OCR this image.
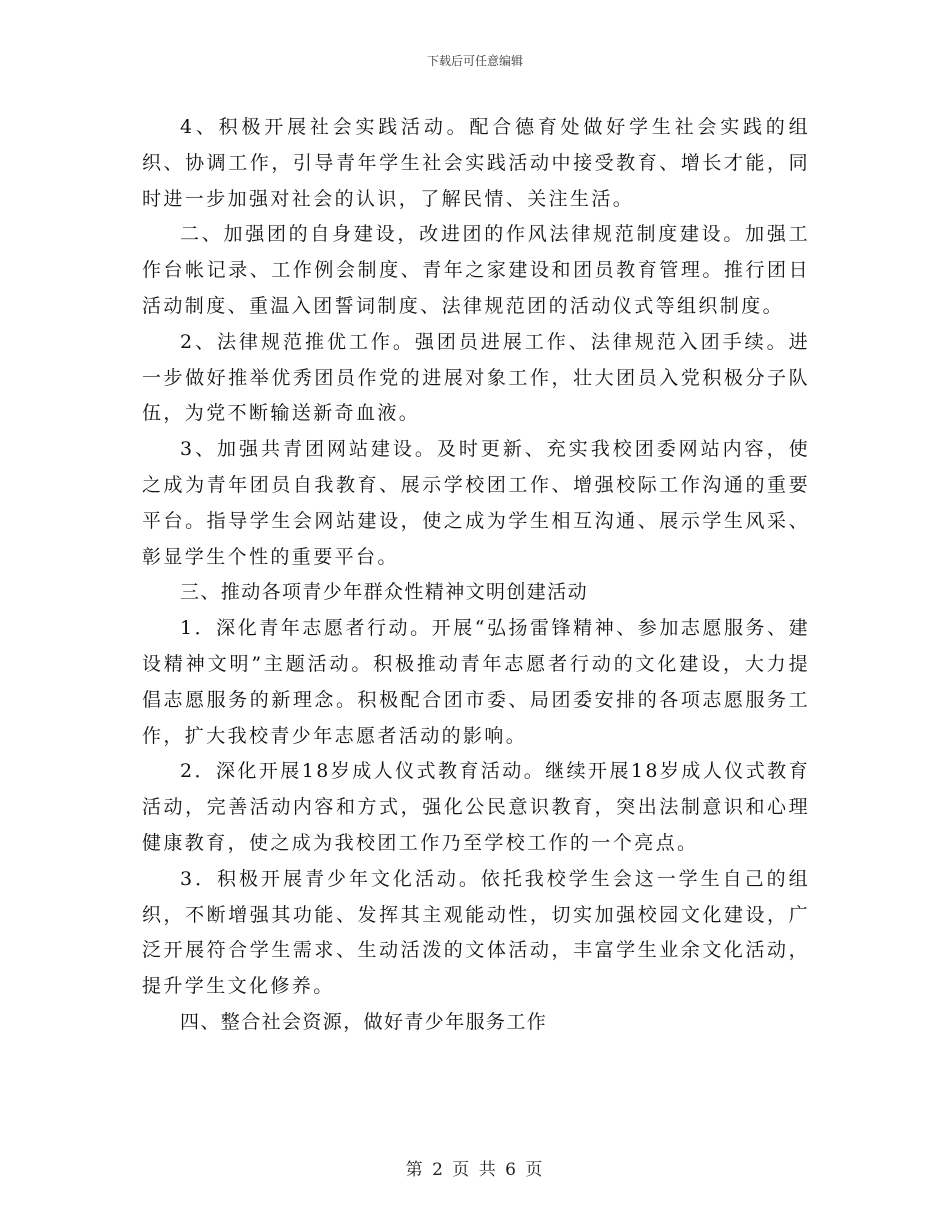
下载后可任意编辑

4、积极开展社会实践活动。配合德育处做好学生社会实践的组织、协调工作，引导青年学生社会实践活动中接受教育、增长才能，同时进一步加强对社会的认识，了解民情、关注生活。

二、加强团的自身建设，改进团的作风法律规范制度建设。加强工作台帐记录、工作例会制度、青年之家建设和团员教育管理。推行团日活动制度、重温入团誓词制度、法律规范团的活动仪式等组织制度。

2、法律规范推优工作。强团员进展工作、法律规范入团手续。进一步做好推举优秀团员作党的进展对象工作，壮大团员入党积极分子队伍，为党不断输送新奇血液。

3、加强共青团网站建设。及时更新、充实我校团委网站内容，使之成为青年团员自我教育、展示学校团工作、增强校际工作沟通的重要平台。指导学生会网站建设，使之成为学生相互沟通、展示学生风采、彰显学生个性的重要平台。

三、推动各项青少年群众性精神文明创建活动

1．深化青年志愿者行动。开展“弘扬雷锋精神、参加志愿服务、建设精神文明”主题活动。积极推动青年志愿者行动的文化建设，大力提倡志愿服务的新理念。积极配合团市委、局团委安排的各项志愿服务工作，扩大我校青少年志愿者活动的影响。

2．深化开展18岁成人仪式教育活动。继续开展18岁成人仪式教育活动，完善活动内容和方式，强化公民意识教育，突出法制意识和心理健康教育，使之成为我校团工作乃至学校工作的一个亮点。

3．积极开展青少年文化活动。依托我校学生会这一学生自己的组织，不断增强其功能、发挥其主观能动性，切实加强校园文化建设，广泛开展符合学生需求、生动活泼的文体活动，丰富学生业余文化活动，提升学生文化修养。

四、整合社会资源，做好青少年服务工作

第 2 页 共 6 页
